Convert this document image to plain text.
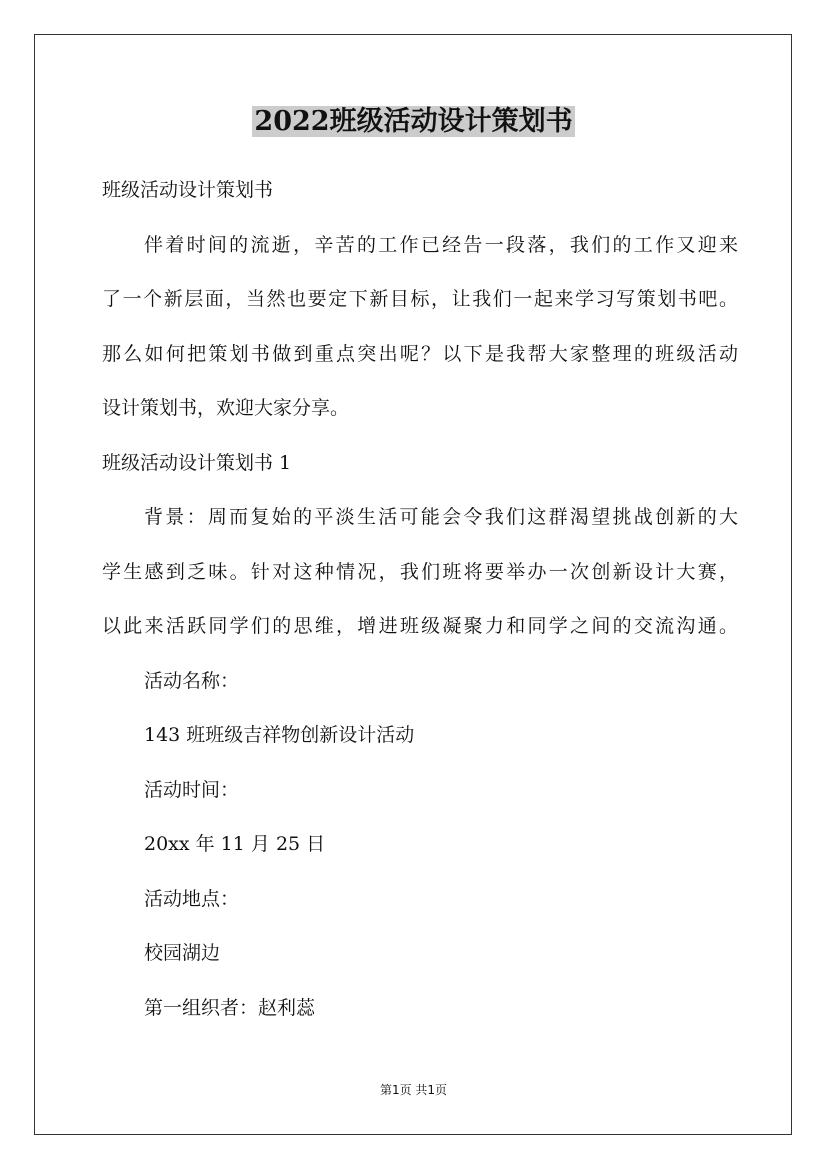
2022班级活动设计策划书
班级活动设计策划书
伴着时间的流逝，辛苦的工作已经告一段落，我们的工作又迎来
了一个新层面，当然也要定下新目标，让我们一起来学习写策划书吧。
那么如何把策划书做到重点突出呢？以下是我帮大家整理的班级活动
设计策划书，欢迎大家分享。
班级活动设计策划书 1
背景：周而复始的平淡生活可能会令我们这群渴望挑战创新的大
学生感到乏味。针对这种情况，我们班将要举办一次创新设计大赛，
以此来活跃同学们的思维，增进班级凝聚力和同学之间的交流沟通。
活动名称：
143 班班级吉祥物创新设计活动
活动时间：
20xx 年 11 月 25 日
活动地点：
校园湖边
第一组织者：赵利蕊
第1页 共1页
